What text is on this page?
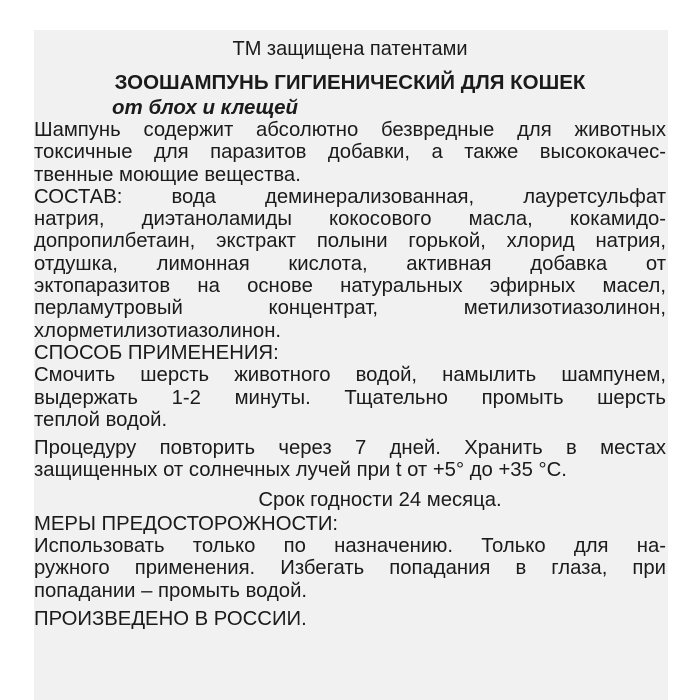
ТМ защищена патентами
ЗООШАМПУНЬ ГИГИЕНИЧЕСКИЙ ДЛЯ КОШЕК
от блох и клещей
Шампунь содержит абсолютно безвредные для животных
токсичные для паразитов добавки, а также высококачес-
твенные моющие вещества.
СОСТАВ: вода деминерализованная, лауретсульфат
натрия, диэтаноламиды кокосового масла, кокамидо-
допропилбетаин, экстракт полыни горькой, хлорид натрия,
отдушка, лимонная кислота, активная добавка от
эктопаразитов на основе натуральных эфирных масел,
перламутровый концентрат, метилизотиазолинон,
хлорметилизотиазолинон.
СПОСОБ ПРИМЕНЕНИЯ:
Смочить шерсть животного водой, намылить шампунем,
выдержать 1-2 минуты. Тщательно промыть шерсть
теплой водой.
Процедуру повторить через 7 дней. Хранить в местах
защищенных от солнечных лучей при t от +5° до +35 °С.
Срок годности 24 месяца.
МЕРЫ ПРЕДОСТОРОЖНОСТИ:
Использовать только по назначению. Только для на-
ружного применения. Избегать попадания в глаза, при
попадании – промыть водой.
ПРОИЗВЕДЕНО В РОССИИ.
